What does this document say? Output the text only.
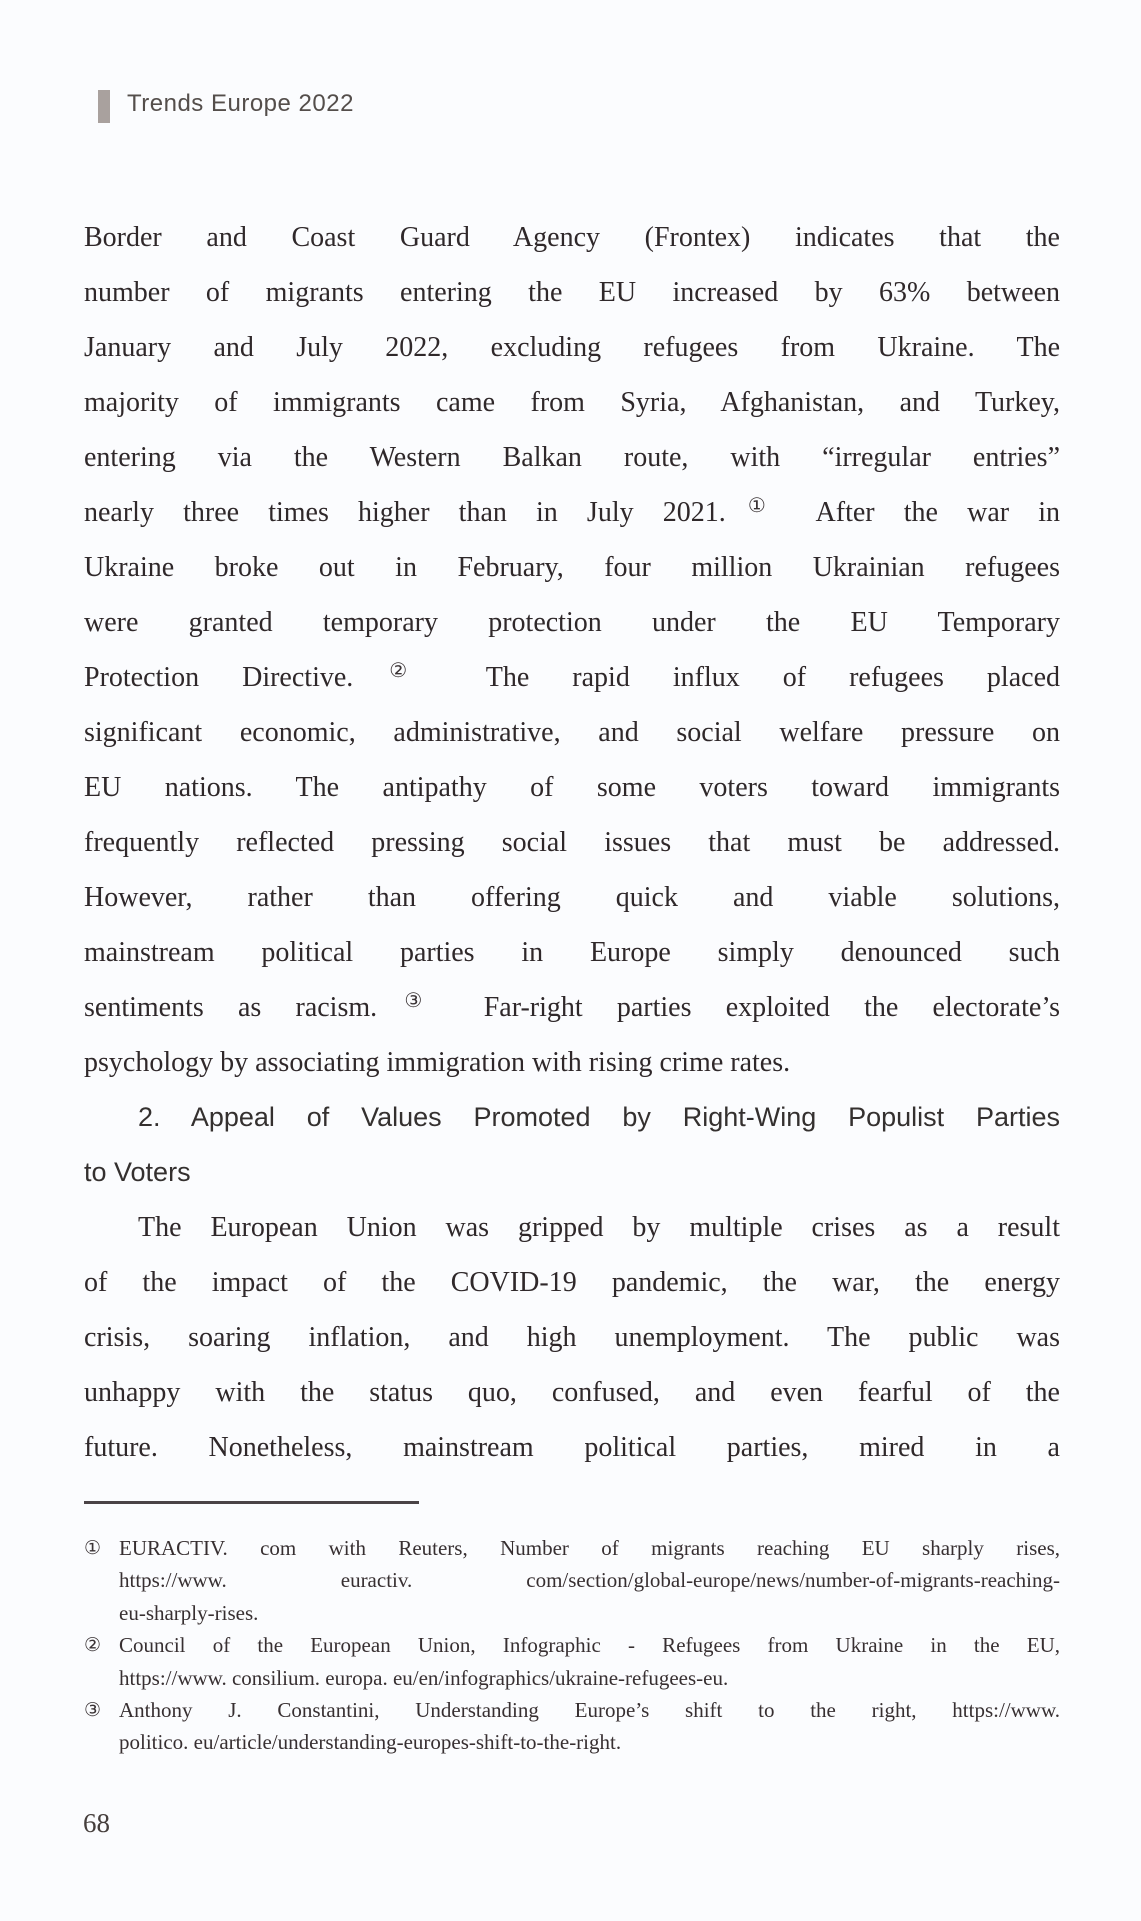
Trends Europe 2022
Border and Coast Guard Agency (Frontex) indicates that the
number of migrants entering the EU increased by 63% between
January and July 2022, excluding refugees from Ukraine. The
majority of immigrants came from Syria, Afghanistan, and Turkey,
entering via the Western Balkan route, with “irregular entries”
nearly three times higher than in July 2021.① After the war in
Ukraine broke out in February, four million Ukrainian refugees
were granted temporary protection under the EU Temporary
Protection Directive.② The rapid influx of refugees placed
significant economic, administrative, and social welfare pressure on
EU nations. The antipathy of some voters toward immigrants
frequently reflected pressing social issues that must be addressed.
However, rather than offering quick and viable solutions,
mainstream political parties in Europe simply denounced such
sentiments as racism.③ Far-right parties exploited the electorate’s
psychology by associating immigration with rising crime rates.
2. Appeal of Values Promoted by Right-Wing Populist Parties
to Voters
The European Union was gripped by multiple crises as a result
of the impact of the COVID-19 pandemic, the war, the energy
crisis, soaring inflation, and high unemployment. The public was
unhappy with the status quo, confused, and even fearful of the
future. Nonetheless, mainstream political parties, mired in a
① EURACTIV. com with Reuters, Number of migrants reaching EU sharply rises,
https://www. euractiv. com/section/global-europe/news/number-of-migrants-reaching-
eu-sharply-rises.
② Council of the European Union, Infographic - Refugees from Ukraine in the EU,
https://www. consilium. europa. eu/en/infographics/ukraine-refugees-eu.
③ Anthony J. Constantini, Understanding Europe’s shift to the right, https://www.
politico. eu/article/understanding-europes-shift-to-the-right.
68
